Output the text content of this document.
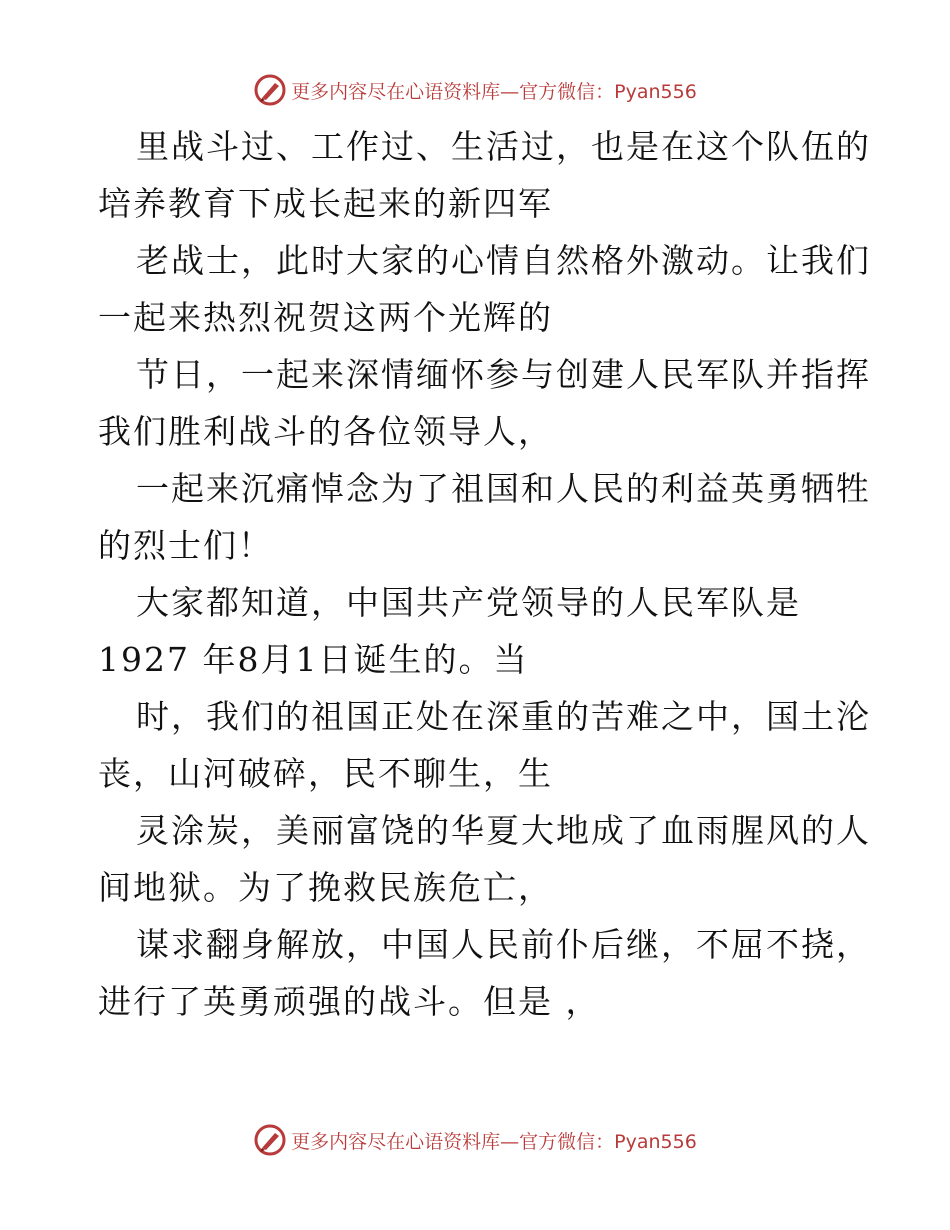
更多内容尽在心语资料库—官方微信：Pyan556

里战斗过、工作过、生活过，也是在这个队伍的
培养教育下成长起来的新四军

老战士，此时大家的心情自然格外激动。让我们
一起来热烈祝贺这两个光辉的

节日，一起来深情缅怀参与创建人民军队并指挥
我们胜利战斗的各位领导人，

一起来沉痛悼念为了祖国和人民的利益英勇牺牲
的烈士们！

大家都知道，中国共产党领导的人民军队是
1927 年8月1日诞生的。当

时，我们的祖国正处在深重的苦难之中，国土沦
丧，山河破碎，民不聊生，生

灵涂炭，美丽富饶的华夏大地成了血雨腥风的人
间地狱。为了挽救民族危亡，

谋求翻身解放，中国人民前仆后继，不屈不挠，
进行了英勇顽强的战斗。但是 ，

更多内容尽在心语资料库—官方微信：Pyan556
